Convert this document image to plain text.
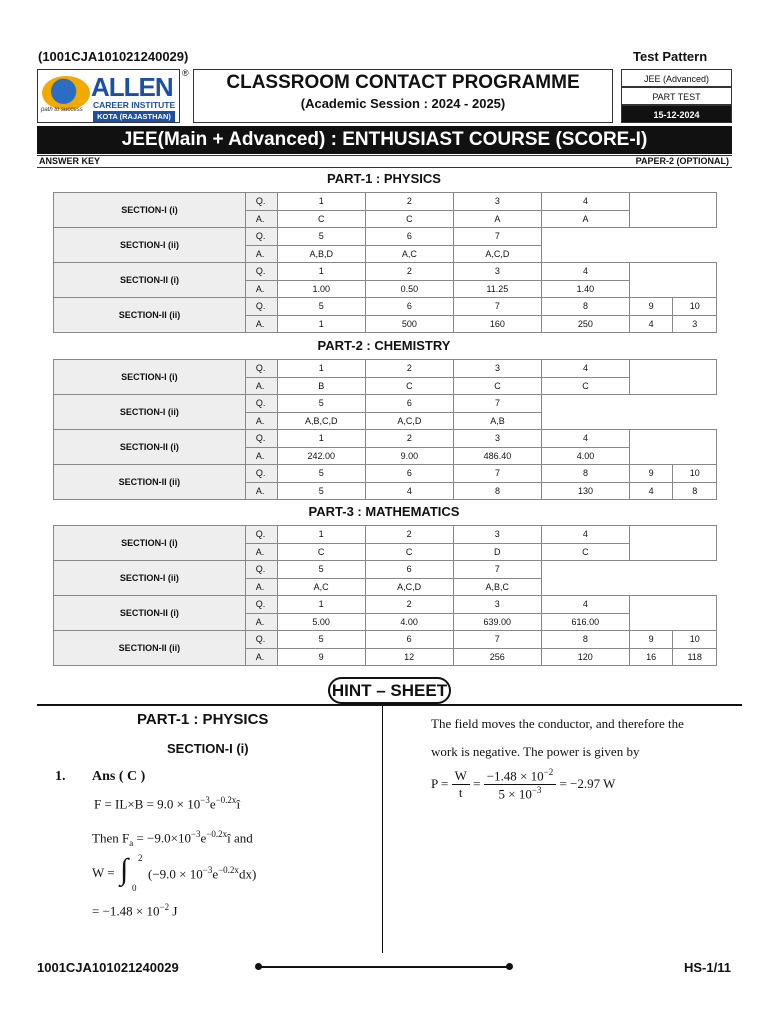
(1001CJA101021240029)	Test Pattern
path to success
ALLEN
CAREER INSTITUTE
KOTA (RAJASTHAN)
®	CLASSROOM CONTACT PROGRAMME
(Academic Session : 2024 - 2025)
JEE (Advanced)
PART TEST
15-12-2024
JEE(Main + Advanced) : ENTHUSIAST COURSE (SCORE-I)
ANSWER KEY	PAPER-2 (OPTIONAL)
PART-1 : PHYSICS
SECTION-I (i)	Q.	1	2	3	4		
	A.	C	C	A	A		
SECTION-I (ii)	Q.	5	6	7			
	A.	A,B,D	A,C	A,C,D			
SECTION-II (i)	Q.	1	2	3	4		
	A.	1.00	0.50	11.25	1.40		
SECTION-II (ii)	Q.	5	6	7	8	9	10
	A.	1	500	160	250	4	3
PART-2 : CHEMISTRY
SECTION-I (i)	Q.	1	2	3	4		
	A.	B	C	C	C		
SECTION-I (ii)	Q.	5	6	7			
	A.	A,B,C,D	A,C,D	A,B			
SECTION-II (i)	Q.	1	2	3	4		
	A.	242.00	9.00	486.40	4.00		
SECTION-II (ii)	Q.	5	6	7	8	9	10
	A.	5	4	8	130	4	8
PART-3 : MATHEMATICS
SECTION-I (i)	Q.	1	2	3	4		
	A.	C	C	D	C		
SECTION-I (ii)	Q.	5	6	7			
	A.	A,C	A,C,D	A,B,C			
SECTION-II (i)	Q.	1	2	3	4		
	A.	5.00	4.00	639.00	616.00		
SECTION-II (ii)	Q.	5	6	7	8	9	10
	A.	9	12	256	120	16	118
HINT – SHEET
PART-1 : PHYSICS
SECTION-I (i)
1. Ans ( C )
$F = IL\times B = 9.0 \times 10^{-3}e^{-0.2x}î$
Then $F_a$ = $-9.0\times 10^{-3}e^{-0.2x}î$ and
W = ∫ 2
0
$(-9.0 \times 10^{-3}e^{-0.2x}dx)$
= $-1.48 \times 10^{-2}$ J
The field moves the conductor, and therefore the
work is negative. The power is given by
$P = \frac{W}{t} = \frac{-1.48 \times 10^{-2}}{5 \times 10^{-3}} = -2.97$ W
1001CJA101021240029	HS-1/11
